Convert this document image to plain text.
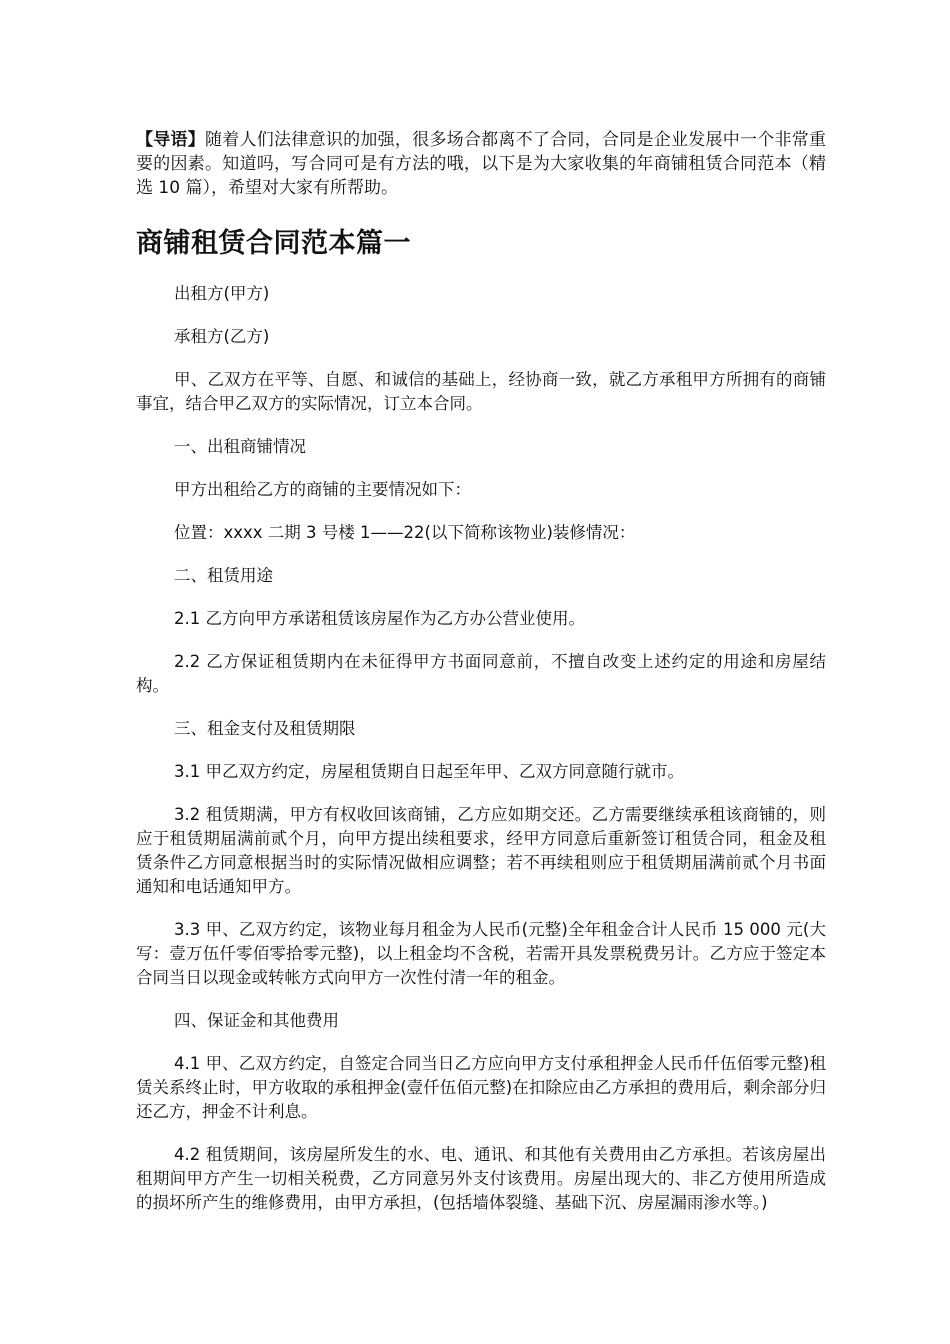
【导语】随着人们法律意识的加强，很多场合都离不了合同，合同是企业发展中一个非常重要的因素。知道吗，写合同可是有方法的哦，以下是为大家收集的年商铺租赁合同范本（精选 10 篇），希望对大家有所帮助。

商铺租赁合同范本篇一

出租方(甲方)

承租方(乙方)

甲、乙双方在平等、自愿、和诚信的基础上，经协商一致，就乙方承租甲方所拥有的商铺事宜，结合甲乙双方的实际情况，订立本合同。

一、出租商铺情况

甲方出租给乙方的商铺的主要情况如下：

位置：xxxx 二期 3 号楼 1——22(以下简称该物业)装修情况：

二、租赁用途

2.1 乙方向甲方承诺租赁该房屋作为乙方办公营业使用。

2.2 乙方保证租赁期内在未征得甲方书面同意前，不擅自改变上述约定的用途和房屋结构。

三、租金支付及租赁期限

3.1 甲乙双方约定，房屋租赁期自日起至年甲、乙双方同意随行就市。

3.2 租赁期满，甲方有权收回该商铺，乙方应如期交还。乙方需要继续承租该商铺的，则应于租赁期届满前贰个月，向甲方提出续租要求，经甲方同意后重新签订租赁合同，租金及租赁条件乙方同意根据当时的实际情况做相应调整；若不再续租则应于租赁期届满前贰个月书面通知和电话通知甲方。

3.3 甲、乙双方约定，该物业每月租金为人民币(元整)全年租金合计人民币 15 000 元(大写：壹万伍仟零佰零拾零元整)，以上租金均不含税，若需开具发票税费另计。乙方应于签定本合同当日以现金或转帐方式向甲方一次性付清一年的租金。

四、保证金和其他费用

4.1 甲、乙双方约定，自签定合同当日乙方应向甲方支付承租押金人民币仟伍佰零元整)租赁关系终止时，甲方收取的承租押金(壹仟伍佰元整)在扣除应由乙方承担的费用后，剩余部分归还乙方，押金不计利息。

4.2 租赁期间，该房屋所发生的水、电、通讯、和其他有关费用由乙方承担。若该房屋出租期间甲方产生一切相关税费，乙方同意另外支付该费用。房屋出现大的、非乙方使用所造成的损坏所产生的维修费用，由甲方承担，(包括墙体裂缝、基础下沉、房屋漏雨渗水等。)
